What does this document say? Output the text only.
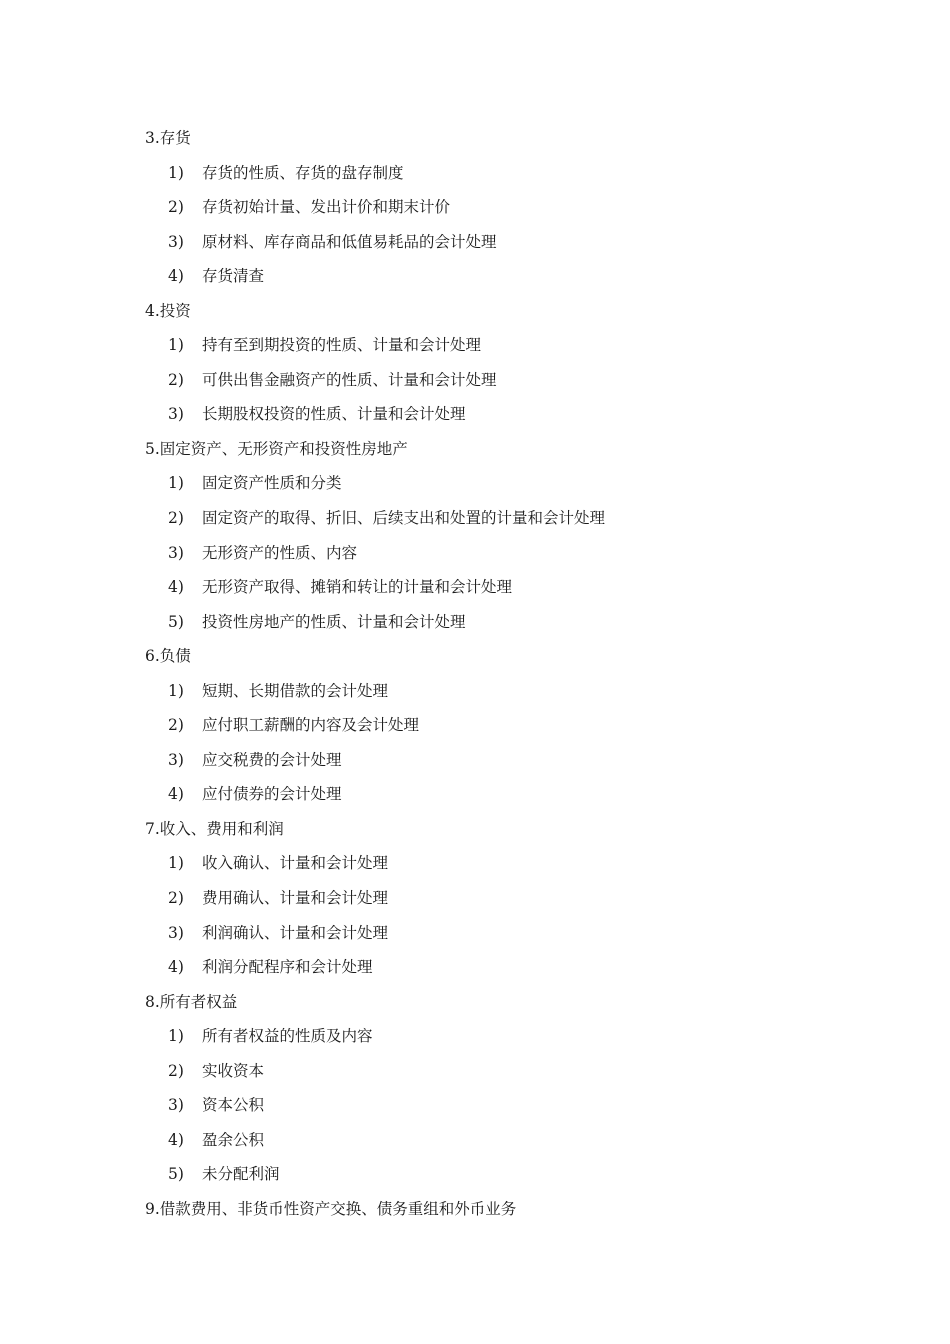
3.存货
1) 存货的性质、存货的盘存制度
2) 存货初始计量、发出计价和期末计价
3) 原材料、库存商品和低值易耗品的会计处理
4) 存货清查
4.投资
1) 持有至到期投资的性质、计量和会计处理
2) 可供出售金融资产的性质、计量和会计处理
3) 长期股权投资的性质、计量和会计处理
5.固定资产、无形资产和投资性房地产
1) 固定资产性质和分类
2) 固定资产的取得、折旧、后续支出和处置的计量和会计处理
3) 无形资产的性质、内容
4) 无形资产取得、摊销和转让的计量和会计处理
5) 投资性房地产的性质、计量和会计处理
6.负债
1) 短期、长期借款的会计处理
2) 应付职工薪酬的内容及会计处理
3) 应交税费的会计处理
4) 应付债券的会计处理
7.收入、费用和利润
1) 收入确认、计量和会计处理
2) 费用确认、计量和会计处理
3) 利润确认、计量和会计处理
4) 利润分配程序和会计处理
8.所有者权益
1) 所有者权益的性质及内容
2) 实收资本
3) 资本公积
4) 盈余公积
5) 未分配利润
9.借款费用、非货币性资产交换、债务重组和外币业务
